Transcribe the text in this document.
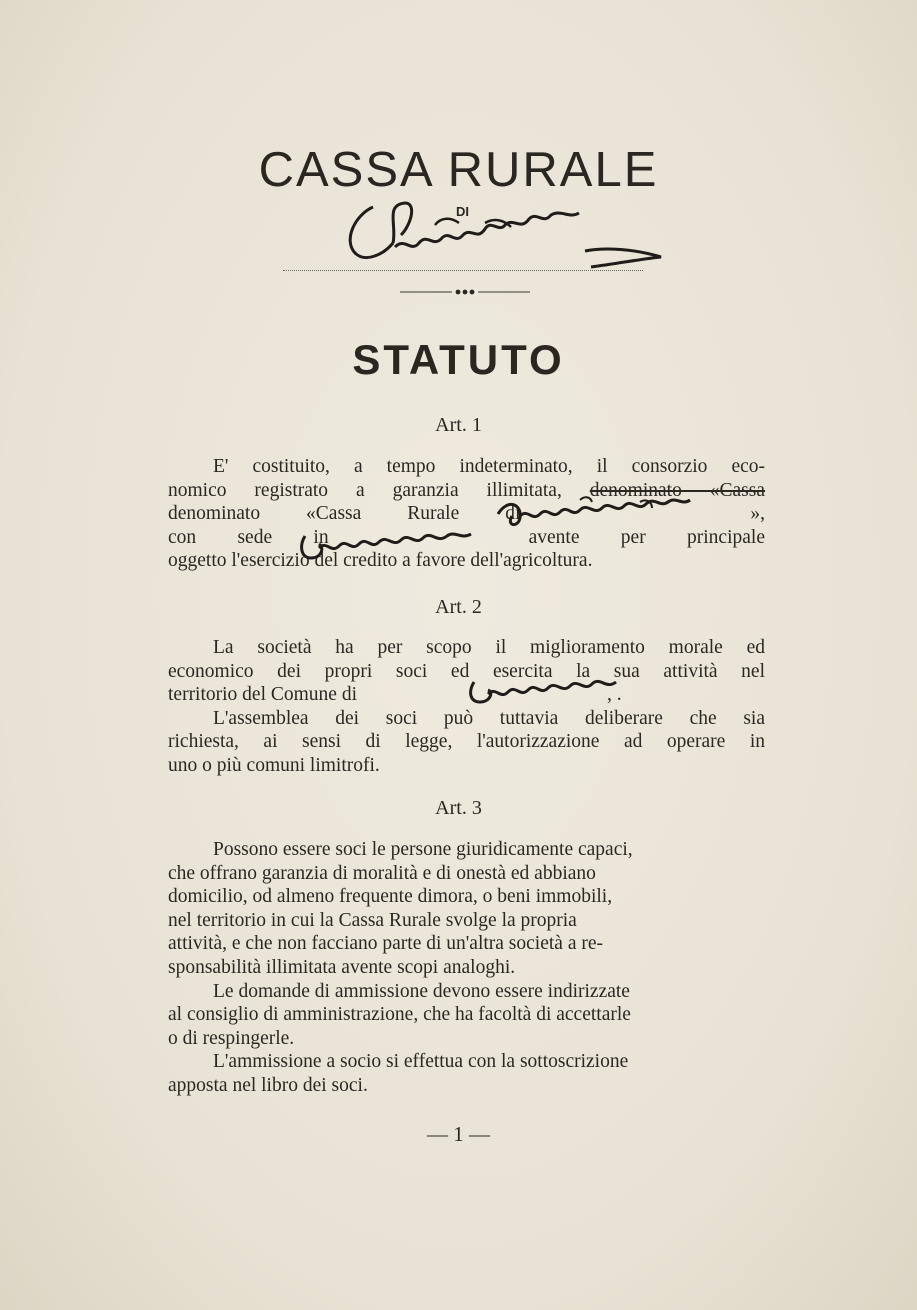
CASSA RURALE
DI
STATUTO
Art. 1
E' costituito, a tempo indeterminato, il consorzio eco-
nomico registrato a garanzia illimitata, denominato «Cassa
denominato «Cassa Rurale di	»,
con sede in	avente per principale
oggetto l'esercizio del credito a favore dell'agricoltura.
Art. 2
La società ha per scopo il miglioramento morale ed
economico dei propri soci ed esercita la sua attività nel
territorio del Comune di	, .
L'assemblea dei soci può tuttavia deliberare che sia
richiesta, ai sensi di legge, l'autorizzazione ad operare in
uno o più comuni limitrofi.
Art. 3
Possono essere soci le persone giuridicamente capaci,
che offrano garanzia di moralità e di onestà ed abbiano
domicilio, od almeno frequente dimora, o beni immobili,
nel territorio in cui la Cassa Rurale svolge la propria
attività, e che non facciano parte di un'altra società a re-
sponsabilità illimitata avente scopi analoghi.
Le domande di ammissione devono essere indirizzate
al consiglio di amministrazione, che ha facoltà di accettarle
o di respingerle.
L'ammissione a socio si effettua con la sottoscrizione
apposta nel libro dei soci.
— 1 —
